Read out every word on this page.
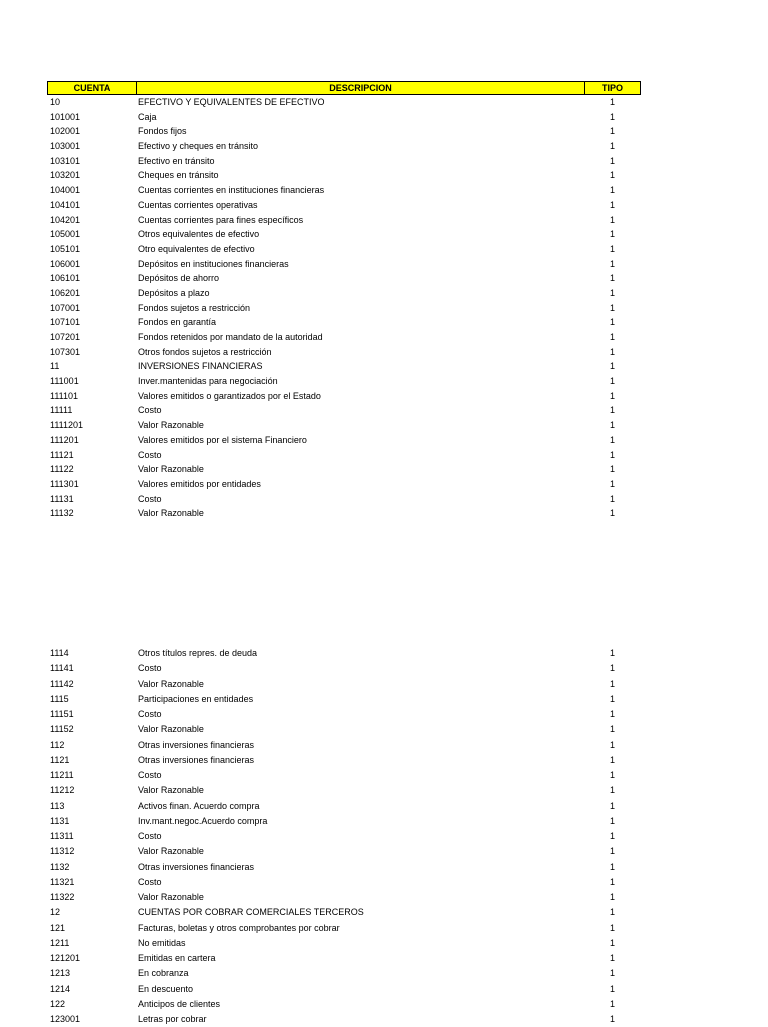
CUENTA	DESCRIPCION	TIPO
10	EFECTIVO Y EQUIVALENTES DE EFECTIVO	1
101001	Caja	1
102001	Fondos fijos	1
103001	Efectivo y cheques en tránsito	1
103101	Efectivo en tránsito	1
103201	Cheques en tránsito	1
104001	Cuentas corrientes en instituciones financieras	1
104101	Cuentas corrientes operativas	1
104201	Cuentas corrientes para fines específicos	1
105001	Otros equivalentes de efectivo	1
105101	Otro equivalentes de efectivo	1
106001	Depósitos en instituciones financieras	1
106101	Depósitos de ahorro	1
106201	Depósitos a plazo	1
107001	Fondos sujetos a restricción	1
107101	Fondos en garantía	1
107201	Fondos retenidos por mandato de la autoridad	1
107301	Otros fondos sujetos a restricción	1
11	INVERSIONES FINANCIERAS	1
111001	Inver.mantenidas para negociación	1
111101	Valores emitidos o garantizados por el Estado	1
11111	Costo	1
1111201	Valor Razonable	1
111201	Valores emitidos por el sistema Financiero	1
11121	Costo	1
11122	Valor Razonable	1
111301	Valores emitidos por entidades	1
11131	Costo	1
11132	Valor Razonable	1
1114	Otros títulos repres. de deuda	1
11141	Costo	1
11142	Valor Razonable	1
1115	Participaciones en entidades	1
11151	Costo	1
11152	Valor Razonable	1
112	Otras inversiones financieras	1
1121	Otras inversiones financieras	1
11211	Costo	1
11212	Valor Razonable	1
113	Activos finan. Acuerdo compra	1
1131	Inv.mant.negoc.Acuerdo compra	1
11311	Costo	1
11312	Valor Razonable	1
1132	Otras inversiones financieras	1
11321	Costo	1
11322	Valor Razonable	1
12	CUENTAS POR COBRAR COMERCIALES TERCEROS	1
121	Facturas, boletas y otros comprobantes por cobrar	1
1211	No emitidas	1
121201	Emitidas en cartera	1
1213	En cobranza	1
1214	En descuento	1
122	Anticipos de clientes	1
123001	Letras por cobrar	1
